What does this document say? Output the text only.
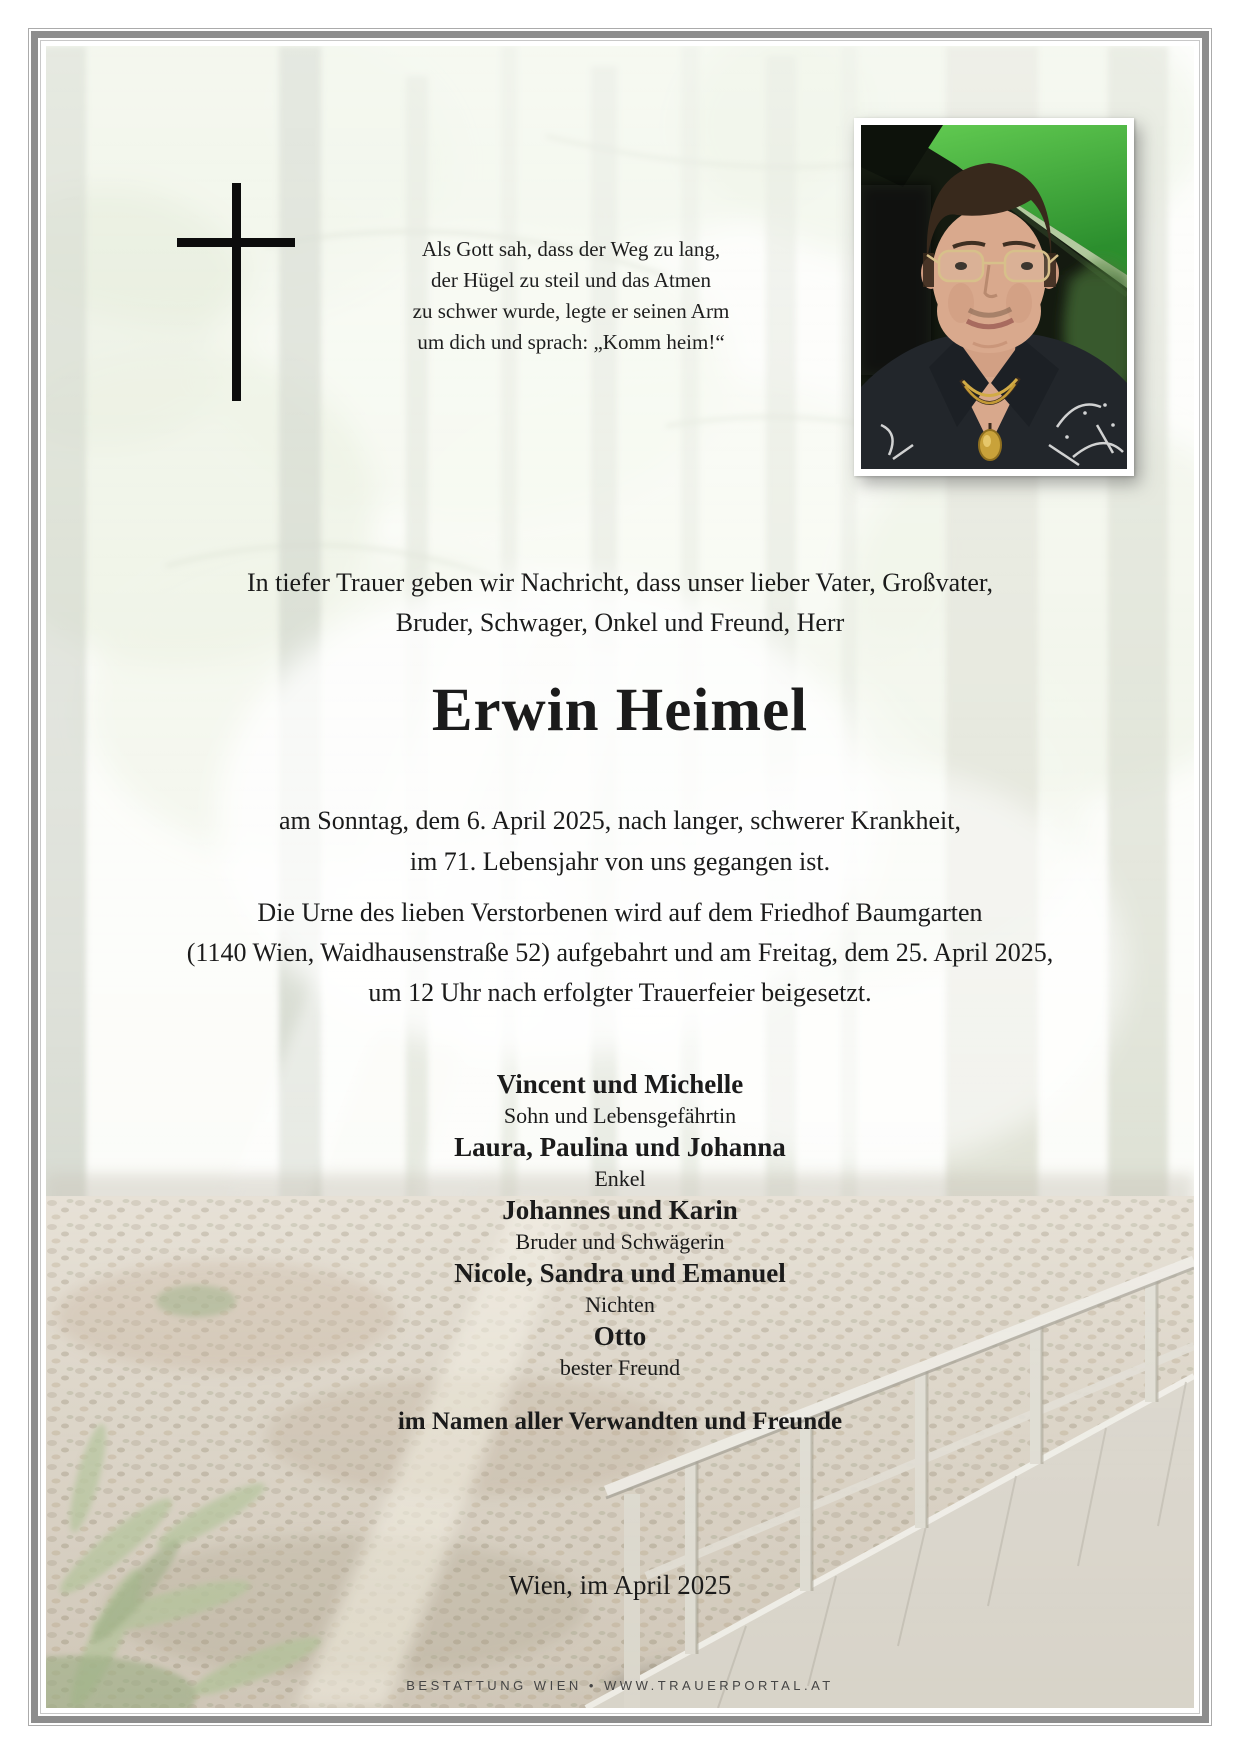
Als Gott sah, dass der Weg zu lang,
der Hügel zu steil und das Atmen
zu schwer wurde, legte er seinen Arm
um dich und sprach: „Komm heim!“
In tiefer Trauer geben wir Nachricht, dass unser lieber Vater, Großvater,
Bruder, Schwager, Onkel und Freund, Herr
Erwin Heimel
am Sonntag, dem 6. April 2025, nach langer, schwerer Krankheit,
im 71. Lebensjahr von uns gegangen ist.
Die Urne des lieben Verstorbenen wird auf dem Friedhof Baumgarten
(1140 Wien, Waidhausenstraße 52) aufgebahrt und am Freitag, dem 25. April 2025,
um 12 Uhr nach erfolgter Trauerfeier beigesetzt.
Vincent und Michelle
Sohn und Lebensgefährtin
Laura, Paulina und Johanna
Enkel
Johannes und Karin
Bruder und Schwägerin
Nicole, Sandra und Emanuel
Nichten
Otto
bester Freund
im Namen aller Verwandten und Freunde
Wien, im April 2025
BESTATTUNG WIEN • WWW.TRAUERPORTAL.AT
